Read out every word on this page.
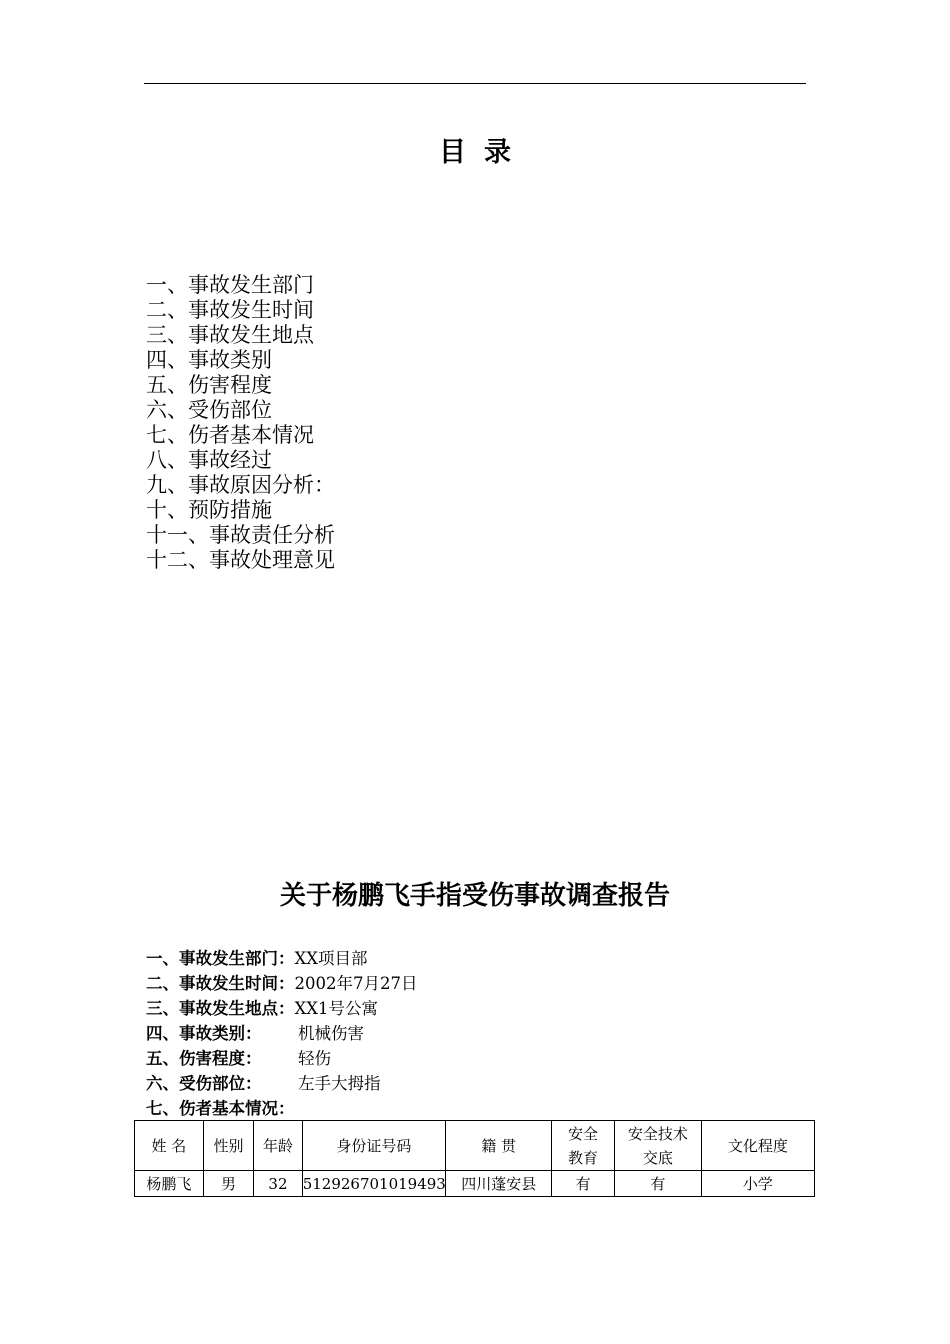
目录
一、事故发生部门
二、事故发生时间
三、事故发生地点
四、事故类别
五、伤害程度
六、受伤部位
七、伤者基本情况
八、事故经过
九、事故原因分析：
十、预防措施
十一、事故责任分析
十二、事故处理意见
关于杨鹏飞手指受伤事故调查报告
一、事故发生部门：XX项目部
二、事故发生时间：2002年7月27日
三、事故发生地点：XX1号公寓
四、事故类别： 机械伤害
五、伤害程度： 轻伤
六、受伤部位： 左手大拇指
七、伤者基本情况：
姓 名	性别	年龄	身份证号码	籍 贯	安全教育	安全技术交底	文化程度
杨鹏飞	男	32	512926701019493	四川蓬安县	有	有	小学
